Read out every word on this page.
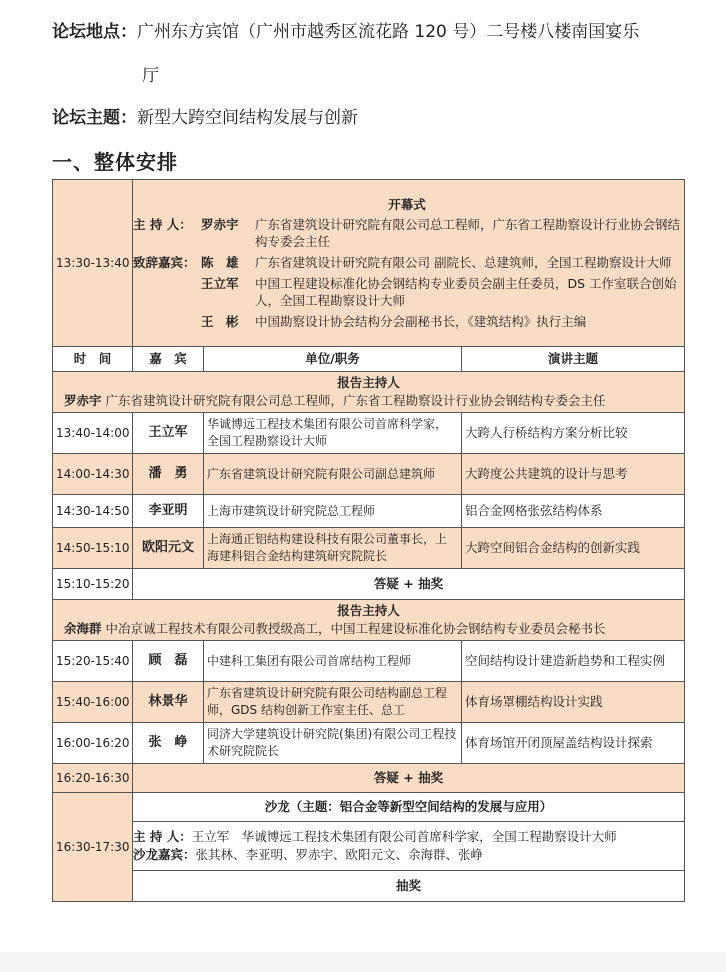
论坛地点：广州东方宾馆（广州市越秀区流花路 120 号）二号楼八楼南国宴乐
厅
论坛主题：新型大跨空间结构发展与创新
一、整体安排
13:30-13:40	
开幕式
主 持 人：	罗赤宇	广东省建筑设计研究院有限公司总工程师，广东省工程勘察设计行业协会钢结构专委会主任
致辞嘉宾：	陈　雄	广东省建筑设计研究院有限公司 副院长、总建筑师，全国工程勘察设计大师
	王立军	中国工程建设标准化协会钢结构专业委员会副主任委员，DS 工作室联合创始人，全国工程勘察设计大师
	王　彬	中国勘察设计协会结构分会副秘书长，《建筑结构》执行主编

时　间	嘉　宾	单位/职务	演讲主题

报告主持人
罗赤宇 广东省建筑设计研究院有限公司总工程师，广东省工程勘察设计行业协会钢结构专委会主任

13:40-14:00	王立军	华诚博远工程技术集团有限公司首席科学家，全国工程勘察设计大师	大跨人行桥结构方案分析比较
14:00-14:30	潘　勇	广东省建筑设计研究院有限公司副总建筑师	大跨度公共建筑的设计与思考
14:30-14:50	李亚明	上海市建筑设计研究院总工程师	铝合金网格张弦结构体系
14:50-15:10	欧阳元文	上海通正铝结构建设科技有限公司董事长，上海建科铝合金结构建筑研究院院长	大跨空间铝合金结构的创新实践
15:10-15:20	答疑 + 抽奖

报告主持人
余海群 中冶京诚工程技术有限公司教授级高工，中国工程建设标准化协会钢结构专业委员会秘书长

15:20-15:40	顾　磊	中建科工集团有限公司首席结构工程师	空间结构设计建造新趋势和工程实例
15:40-16:00	林景华	广东省建筑设计研究院有限公司结构副总工程师，GDS 结构创新工作室主任、总工	体育场罩棚结构设计实践
16:00-16:20	张　峥	同济大学建筑设计研究院(集团)有限公司工程技术研究院院长	体育场馆开闭顶屋盖结构设计探索
16:20-16:30	答疑 + 抽奖
16:30-17:30	沙龙（主题：铝合金等新型空间结构的发展与应用）

主 持 人：王立军　华诚博远工程技术集团有限公司首席科学家，全国工程勘察设计大师
沙龙嘉宾：张其林、李亚明、罗赤宇、欧阳元文、余海群、张峥

抽奖
